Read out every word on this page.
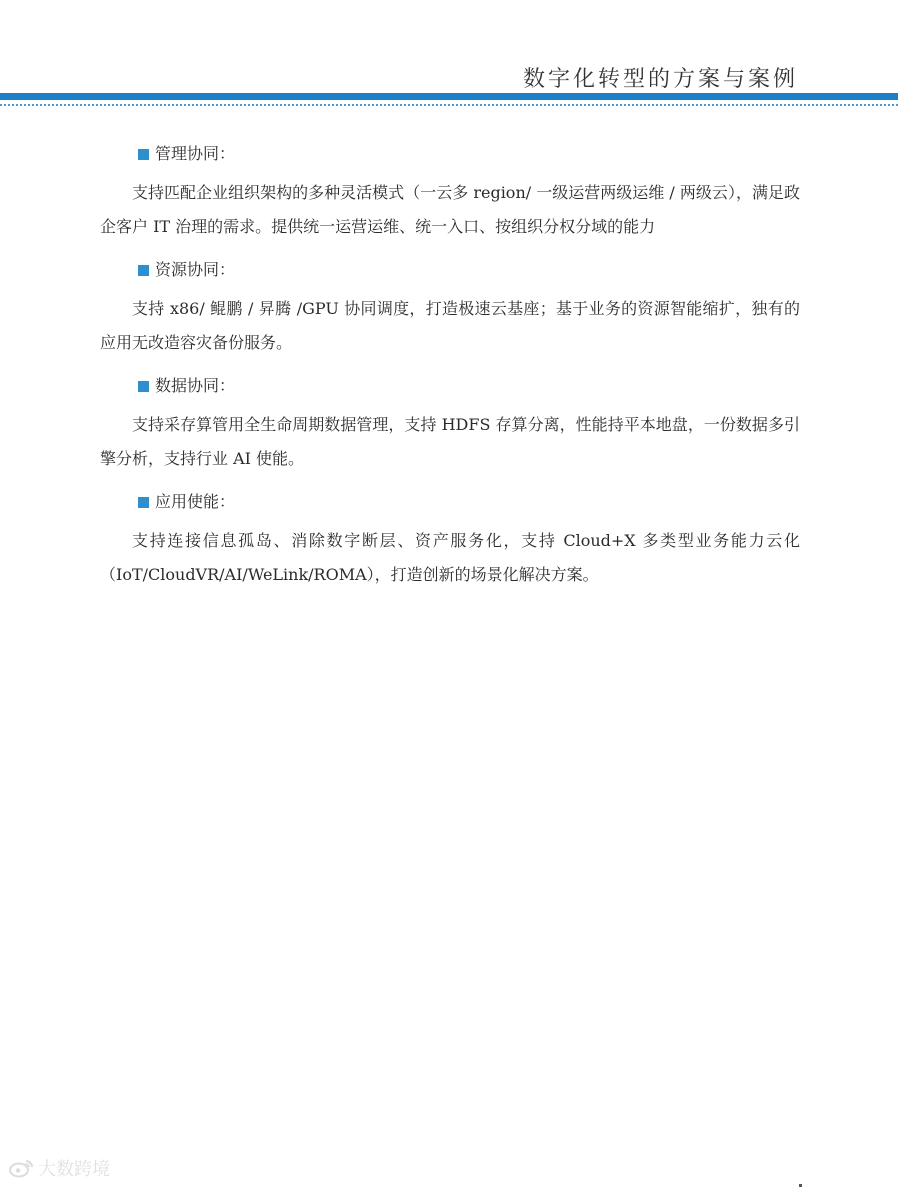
数字化转型的方案与案例
管理协同：

支持匹配企业组织架构的多种灵活模式（一云多 region/ 一级运营两级运维 / 两级云），满足政企客户 IT 治理的需求。提供统一运营运维、统一入口、按组织分权分域的能力

资源协同：

支持 x86/ 鲲鹏 / 昇腾 /GPU 协同调度，打造极速云基座；基于业务的资源智能缩扩，独有的应用无改造容灾备份服务。

数据协同：

支持采存算管用全生命周期数据管理，支持 HDFS 存算分离，性能持平本地盘，一份数据多引擎分析，支持行业 AI 使能。

应用使能：

支持连接信息孤岛、消除数字断层、资产服务化，支持 Cloud+X 多类型业务能力云化（IoT/CloudVR/AI/WeLink/ROMA），打造创新的场景化解决方案。

大数跨境
